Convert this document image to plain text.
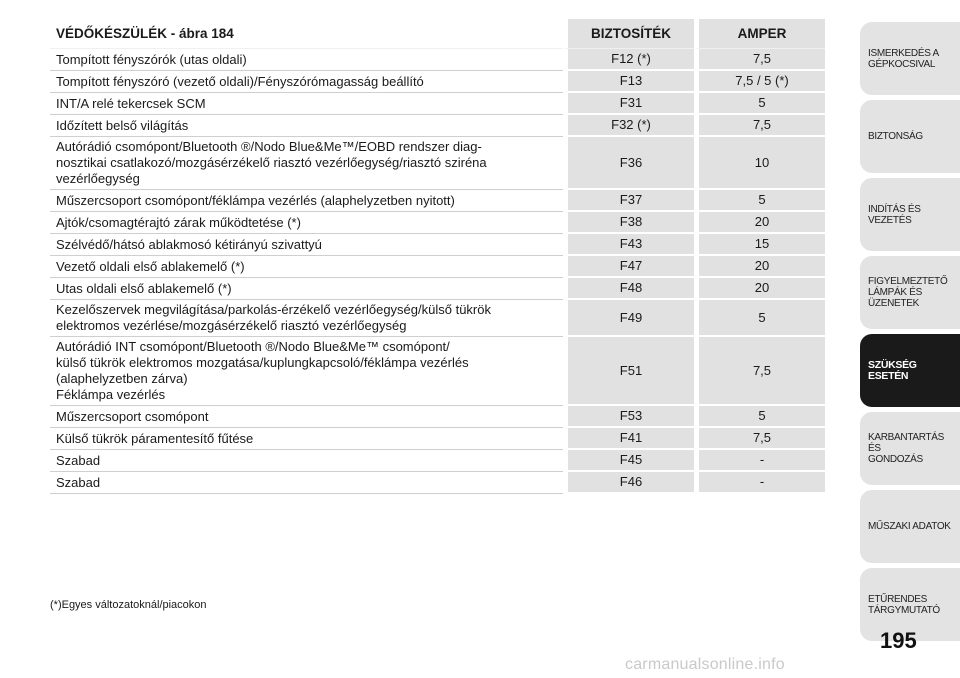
VÉDŐKÉSZÜLÉK - ábra 184	BIZTOSÍTÉK	AMPER
Tompított fényszórók (utas oldali)	F12 (*)	7,5
Tompított fényszóró (vezető oldali)/Fényszórómagasság beállító	F13	7,5 / 5 (*)
INT/A relé tekercsek SCM	F31	5
Időzített belső világítás	F32 (*)	7,5
Autórádió csomópont/Bluetooth ®/Nodo Blue&Me™/EOBD rendszer diag-
nosztikai csatlakozó/mozgásérzékelő riasztó vezérlőegység/riasztó sziréna
vezérlőegység	F36	10
Műszercsoport csomópont/féklámpa vezérlés (alaphelyzetben nyitott)	F37	5
Ajtók/csomagtérajtó zárak működtetése (*)	F38	20
Szélvédő/hátsó ablakmosó kétirányú szivattyú	F43	15
Vezető oldali első ablakemelő (*)	F47	20
Utas oldali első ablakemelő (*)	F48	20
Kezelőszervek megvilágítása/parkolás-érzékelő vezérlőegység/külső tükrök
elektromos vezérlése/mozgásérzékelő riasztó vezérlőegység	F49	5
Autórádió INT csomópont/Bluetooth ®/Nodo Blue&Me™ csomópont/
külső tükrök elektromos mozgatása/kuplungkapcsoló/féklámpa vezérlés
(alaphelyzetben zárva)
Féklámpa vezérlés	F51	7,5
Műszercsoport csomópont	F53	5
Külső tükrök páramentesítő fűtése	F41	7,5
Szabad	F45	-
Szabad	F46	-
(*)Egyes változatoknál/piacokon
ISMERKEDÉS A
GÉPKOCSIVAL
BIZTONSÁG
INDÍTÁS ÉS VEZETÉS
FIGYELMEZTETŐ
LÁMPÁK ÉS
ÜZENETEK
SZÜKSÉG ESETÉN
KARBANTARTÁS ÉS
GONDOZÁS
MŰSZAKI ADATOK
ETŰRENDES
TÁRGYMUTATÓ
195
carmanualsonline.info
